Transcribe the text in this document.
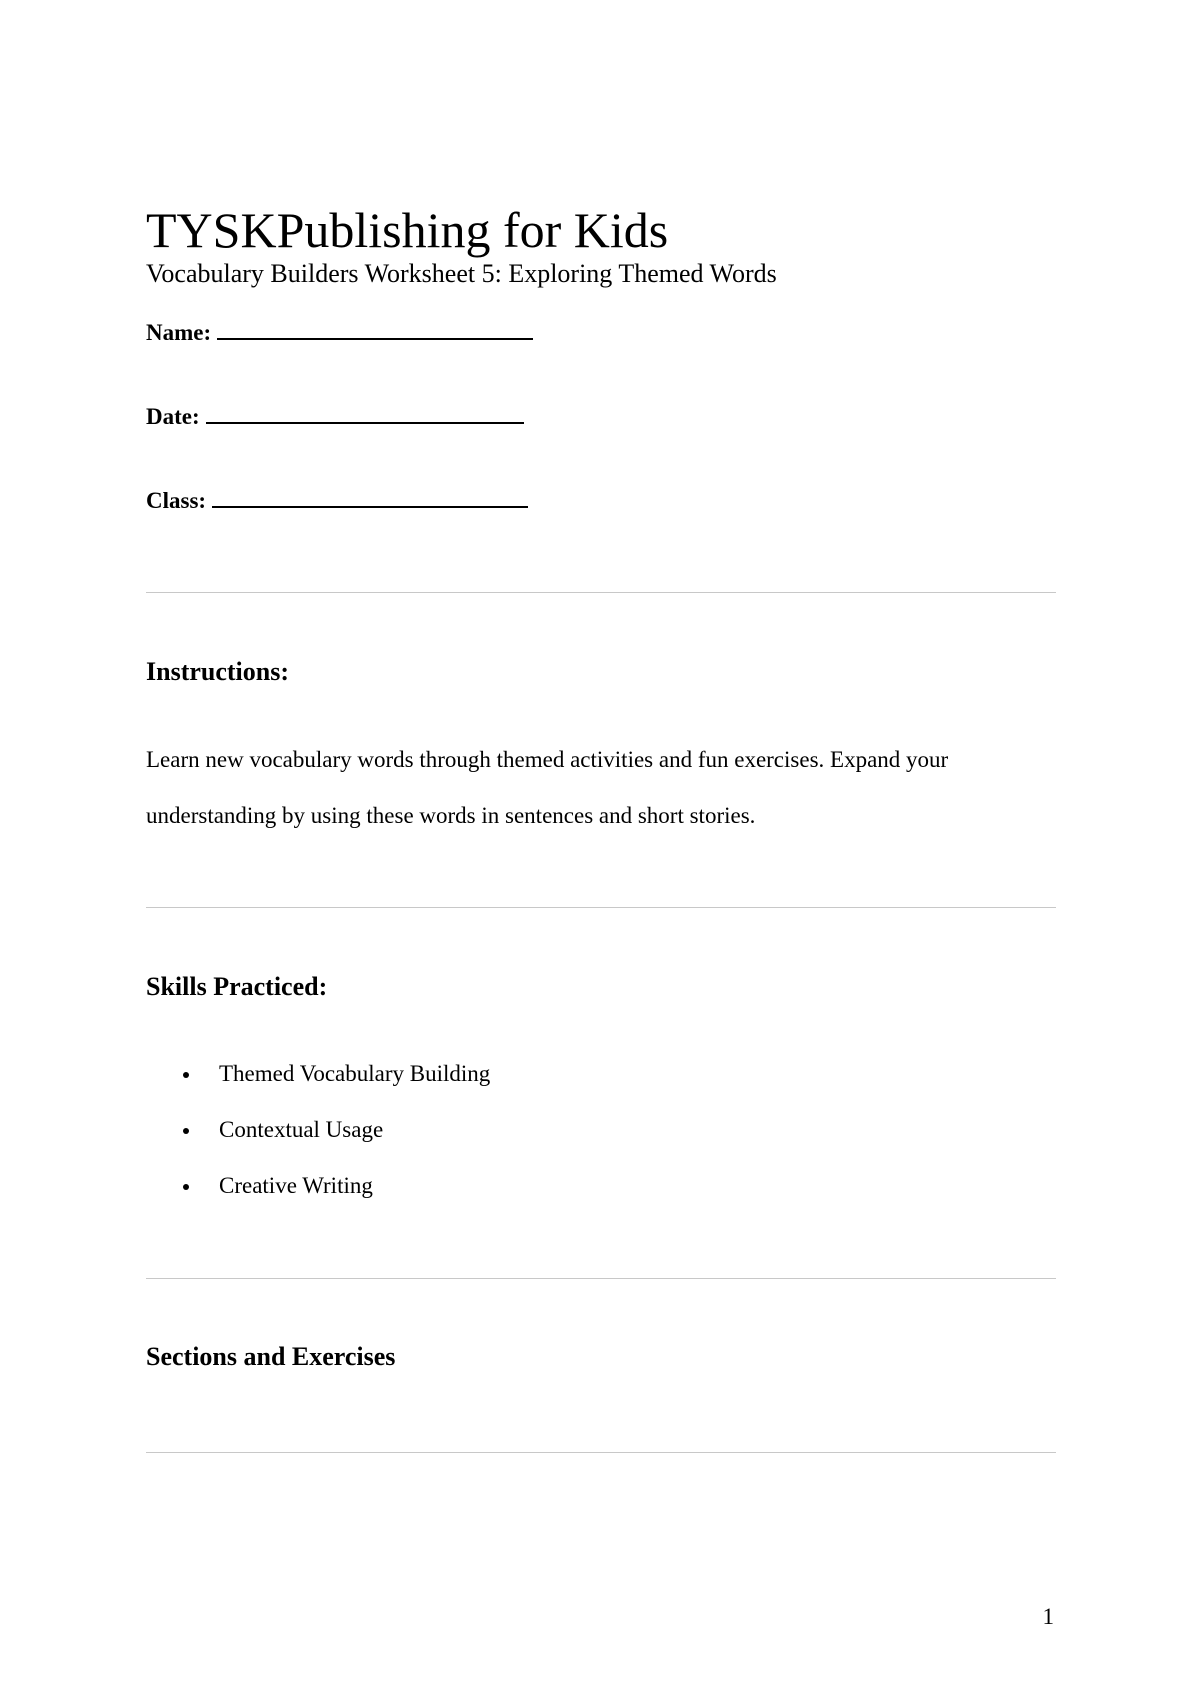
TYSKPublishing for Kids
Vocabulary Builders Worksheet 5: Exploring Themed Words
Name:
Date:
Class:
Instructions:
Learn new vocabulary words through themed activities and fun exercises. Expand your
understanding by using these words in sentences and short stories.
Skills Practiced:
Themed Vocabulary Building
Contextual Usage
Creative Writing
Sections and Exercises
1
